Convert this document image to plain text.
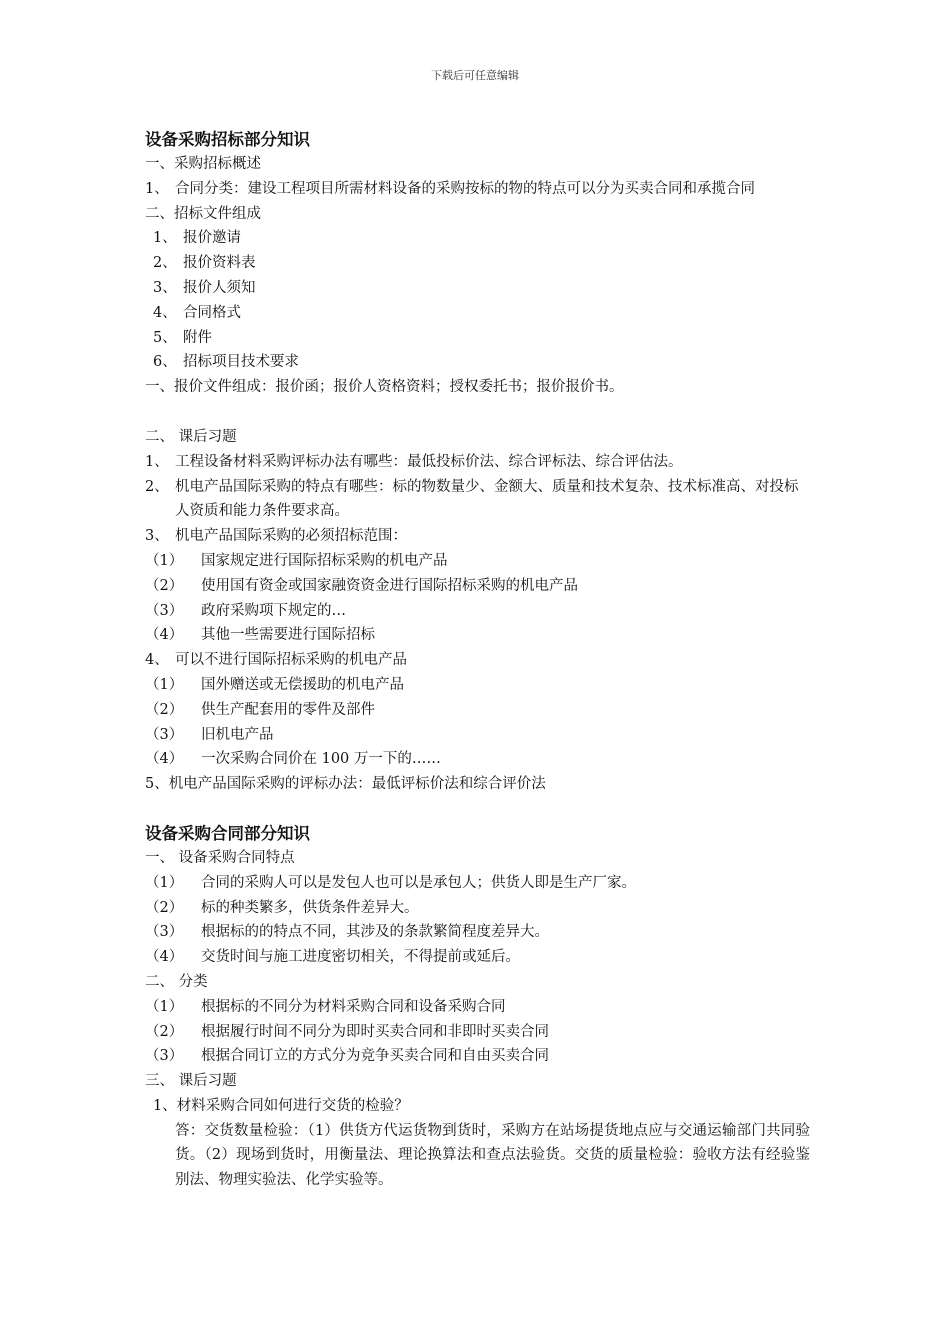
下载后可任意编辑
设备采购招标部分知识
一、采购招标概述
1、 合同分类：建设工程项目所需材料设备的采购按标的物的特点可以分为买卖合同和承揽合同
二、招标文件组成
1、 报价邀请
2、 报价资料表
3、 报价人须知
4、 合同格式
5、 附件
6、 招标项目技术要求
一、报价文件组成：报价函；报价人资格资料；授权委托书；报价报价书。
二、 课后习题
1、 工程设备材料采购评标办法有哪些：最低投标价法、综合评标法、综合评估法。
2、 机电产品国际采购的特点有哪些：标的物数量少、金额大、质量和技术复杂、技术标准高、对投标人资质和能力条件要求高。
3、 机电产品国际采购的必须招标范围：
（1） 国家规定进行国际招标采购的机电产品
（2） 使用国有资金或国家融资资金进行国际招标采购的机电产品
（3） 政府采购项下规定的…
（4） 其他一些需要进行国际招标
4、 可以不进行国际招标采购的机电产品
（1） 国外赠送或无偿援助的机电产品
（2） 供生产配套用的零件及部件
（3） 旧机电产品
（4） 一次采购合同价在 100 万一下的……
5、机电产品国际采购的评标办法：最低评标价法和综合评价法
设备采购合同部分知识
一、 设备采购合同特点
（1） 合同的采购人可以是发包人也可以是承包人；供货人即是生产厂家。
（2） 标的种类繁多，供货条件差异大。
（3） 根据标的的特点不同，其涉及的条款繁简程度差异大。
（4） 交货时间与施工进度密切相关，不得提前或延后。
二、 分类
（1） 根据标的不同分为材料采购合同和设备采购合同
（2） 根据履行时间不同分为即时买卖合同和非即时买卖合同
（3） 根据合同订立的方式分为竞争买卖合同和自由买卖合同
三、 课后习题
1、材料采购合同如何进行交货的检验？
答：交货数量检验：（1）供货方代运货物到货时，采购方在站场提货地点应与交通运输部门共同验货。（2）现场到货时，用衡量法、理论换算法和查点法验货。交货的质量检验：验收方法有经验鉴别法、物理实验法、化学实验等。
